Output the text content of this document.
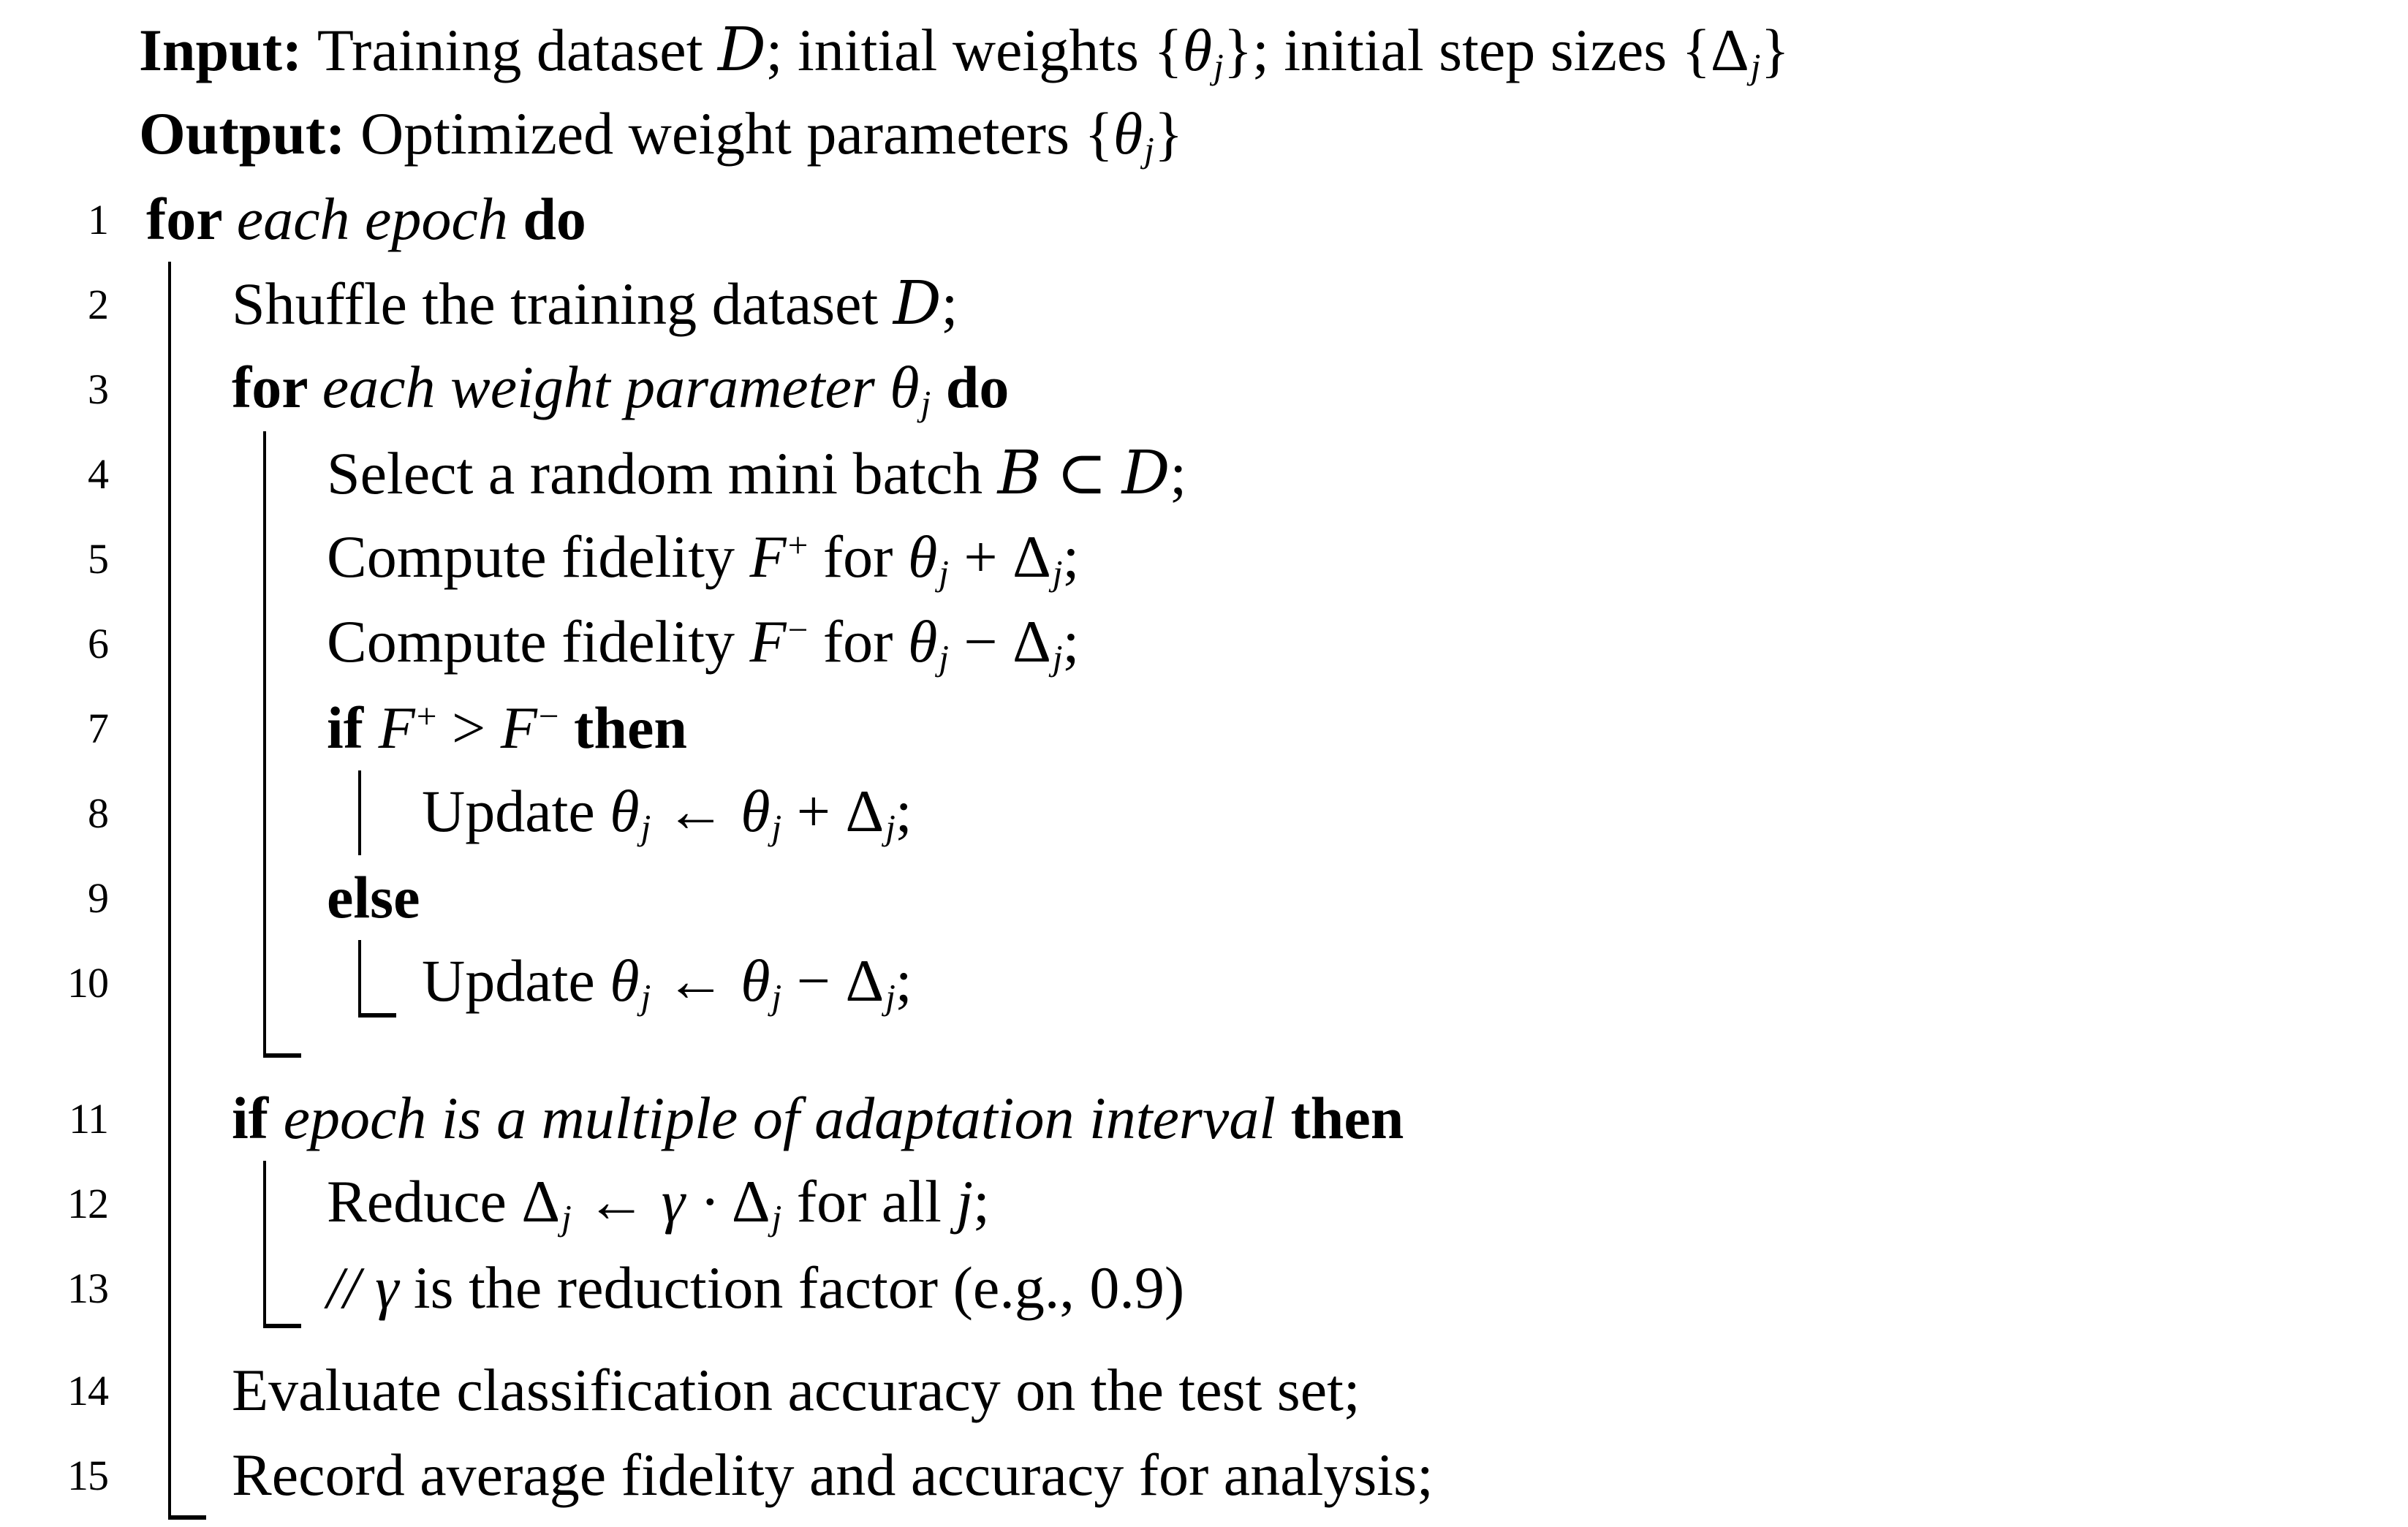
Input: Training dataset D; initial weights {θj}; initial step sizes {Δj}
Output: Optimized weight parameters {θj}
1 for each epoch do
2	Shuffle the training dataset D;
3	for each weight parameter θj do
4	Select a random mini batch B ⊂ D;
5	Compute fidelity F+ for θj + Δj;
6	Compute fidelity F− for θj − Δj;
7	if F+ > F− then
8	Update θj ← θj + Δj;
9	else
10	Update θj ← θj − Δj;
11	if epoch is a multiple of adaptation interval then
12	Reduce Δj ← γ · Δj for all j;
13	// γ is the reduction factor (e.g., 0.9)
14	Evaluate classification accuracy on the test set;
15	Record average fidelity and accuracy for analysis;
